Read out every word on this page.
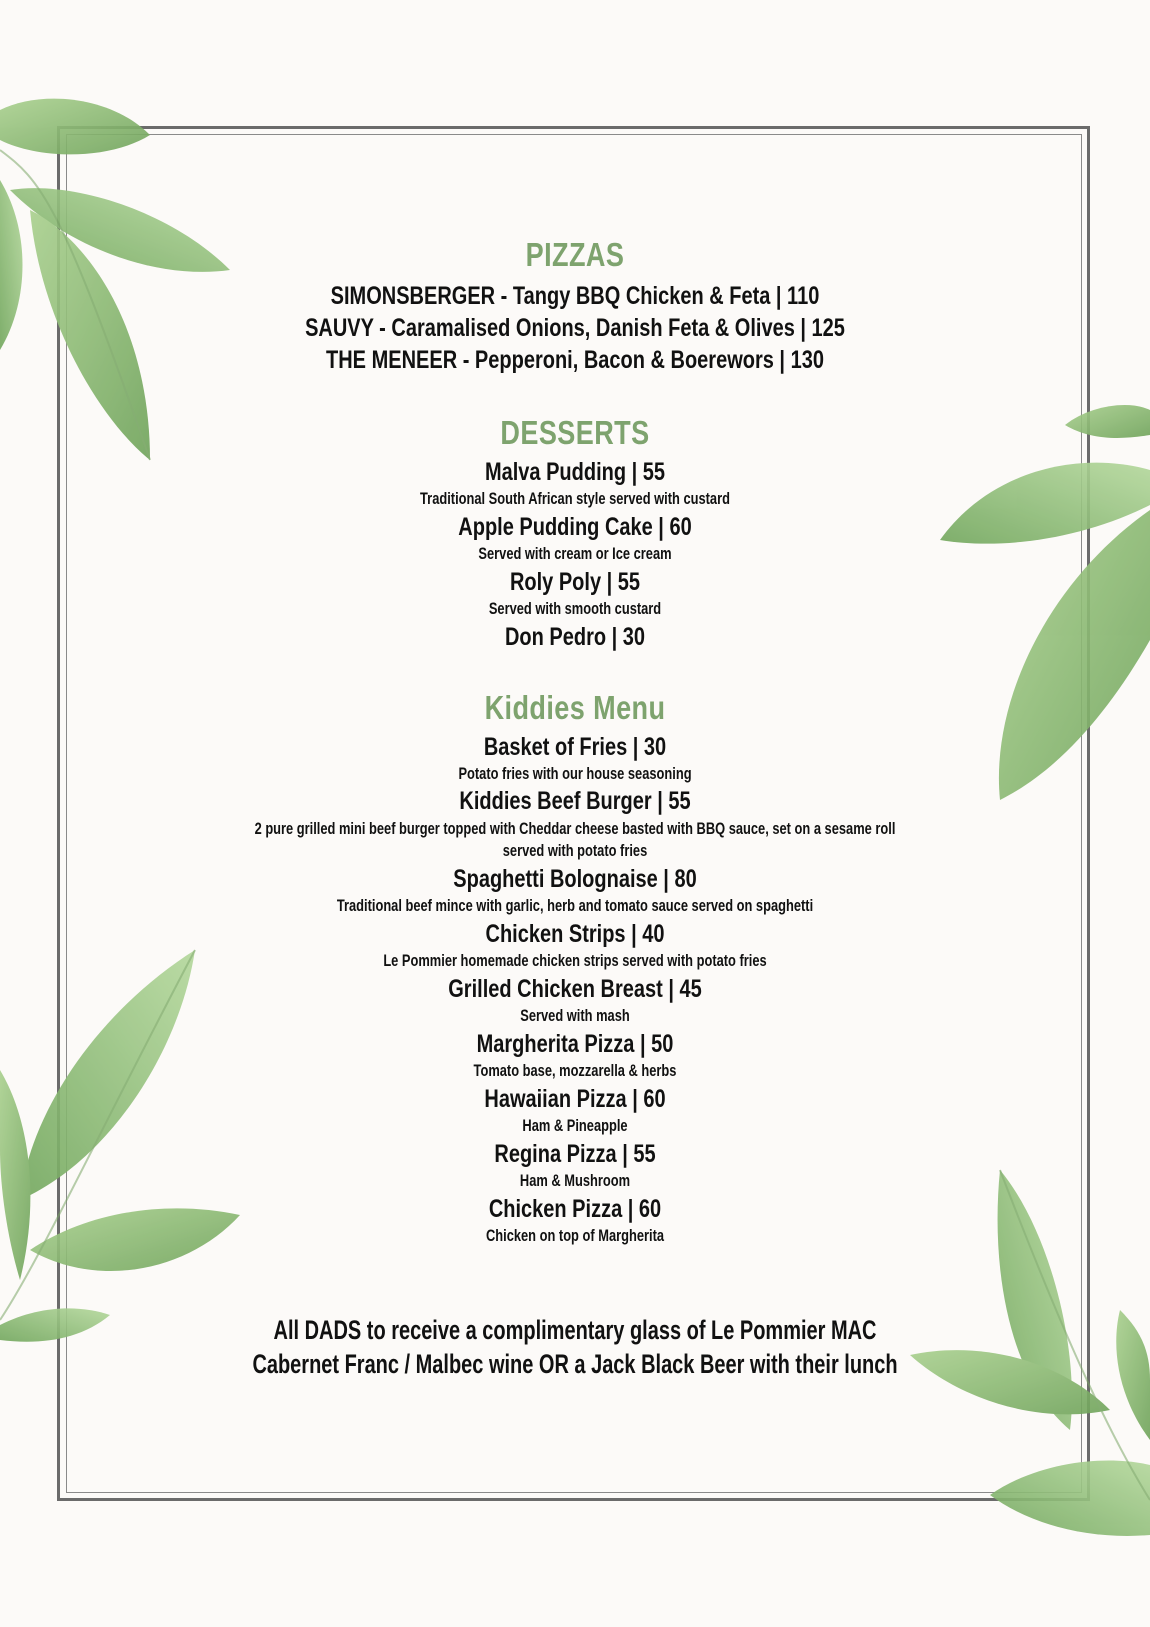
PIZZAS
SIMONSBERGER - Tangy BBQ Chicken & Feta | 110
SAUVY - Caramalised Onions, Danish Feta & Olives | 125
THE MENEER - Pepperoni, Bacon & Boerewors | 130
DESSERTS
Malva Pudding | 55
Traditional South African style served with custard
Apple Pudding Cake | 60
Served with cream or Ice cream
Roly Poly | 55
Served with smooth custard
Don Pedro | 30
Kiddies Menu
Basket of Fries | 30
Potato fries with our house seasoning
Kiddies Beef Burger | 55
2 pure grilled mini beef burger topped with Cheddar cheese basted with BBQ sauce, set on a sesame roll
served with potato fries
Spaghetti Bolognaise | 80
Traditional beef mince with garlic, herb and tomato sauce served on spaghetti
Chicken Strips | 40
Le Pommier homemade chicken strips served with potato fries
Grilled Chicken Breast | 45
Served with mash
Margherita Pizza | 50
Tomato base, mozzarella & herbs
Hawaiian Pizza | 60
Ham & Pineapple
Regina Pizza | 55
Ham & Mushroom
Chicken Pizza | 60
Chicken on top of Margherita
All DADS to receive a complimentary glass of Le Pommier MAC
Cabernet Franc / Malbec wine OR a Jack Black Beer with their lunch
